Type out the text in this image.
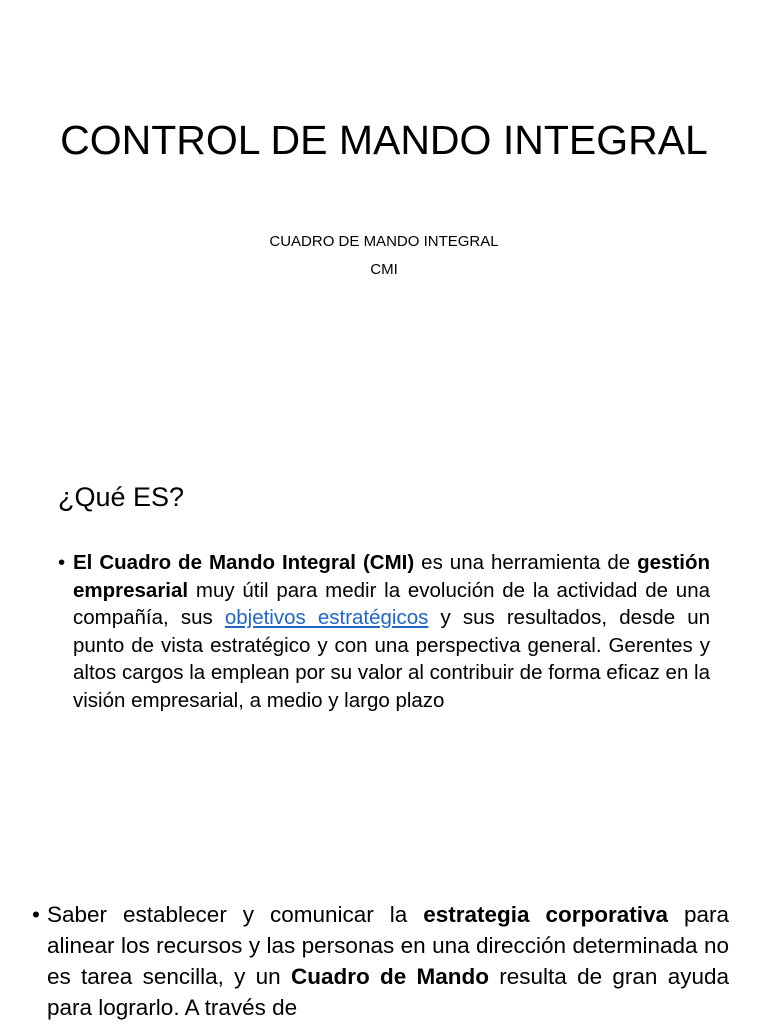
CONTROL DE MANDO INTEGRAL
CUADRO DE MANDO INTEGRAL
CMI
¿Qué ES?
• El Cuadro de Mando Integral (CMI) es una herramienta de gestión empresarial muy útil para medir la evolución de la actividad de una compañía, sus objetivos estratégicos y sus resultados, desde un punto de vista estratégico y con una perspectiva general. Gerentes y altos cargos la emplean por su valor al contribuir de forma eficaz en la visión empresarial, a medio y largo plazo
• Saber establecer y comunicar la estrategia corporativa para alinear los recursos y las personas en una dirección determinada no es tarea sencilla, y un Cuadro de Mando resulta de gran ayuda para lograrlo. A través de
